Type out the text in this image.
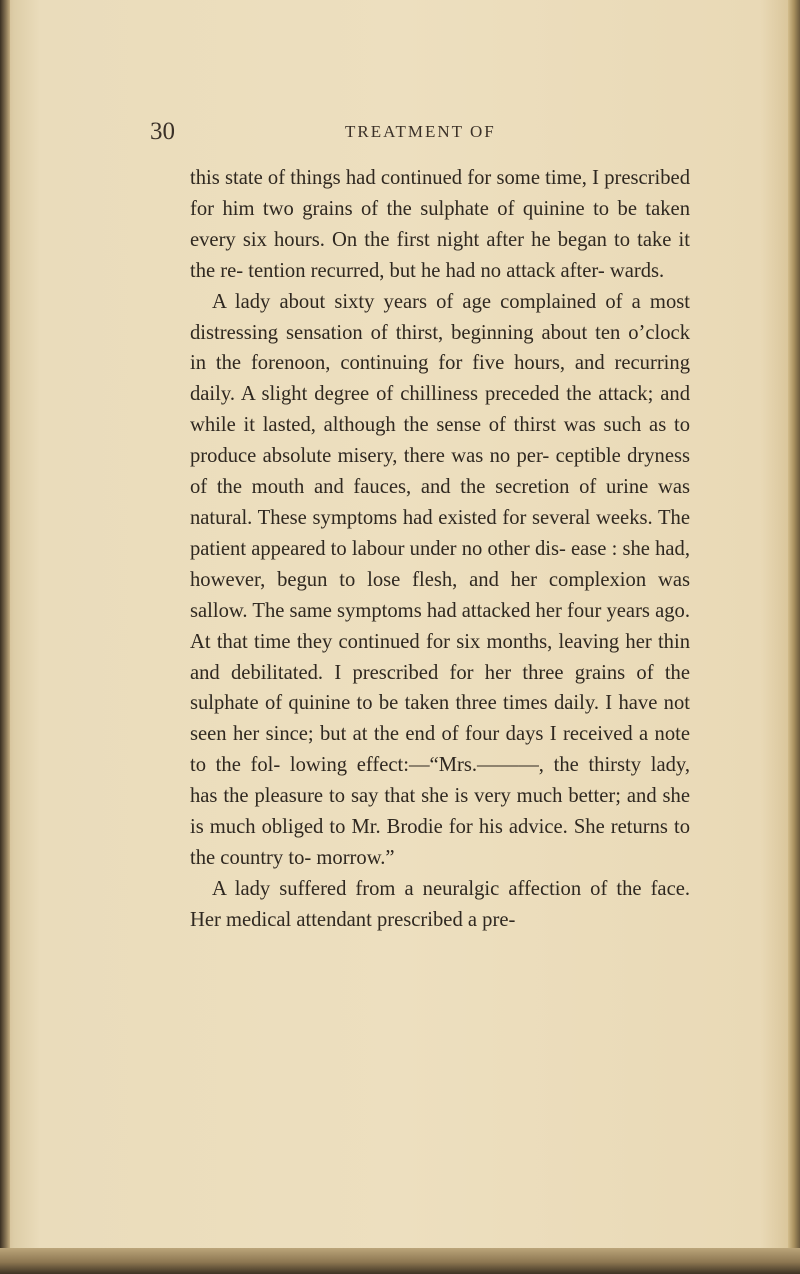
30	TREATMENT OF

this state of things had continued for some time, I prescribed for him two grains of the sulphate of quinine to be taken every six hours. On the first night after he began to take it the re- tention recurred, but he had no attack after- wards.

A lady about sixty years of age complained of a most distressing sensation of thirst, beginning about ten o’clock in the forenoon, continuing for five hours, and recurring daily. A slight degree of chilliness preceded the attack; and while it lasted, although the sense of thirst was such as to produce absolute misery, there was no per- ceptible dryness of the mouth and fauces, and the secretion of urine was natural. These symptoms had existed for several weeks. The patient appeared to labour under no other dis- ease : she had, however, begun to lose flesh, and her complexion was sallow. The same symptoms had attacked her four years ago. At that time they continued for six months, leaving her thin and debilitated. I prescribed for her three grains of the sulphate of quinine to be taken three times daily. I have not seen her since; but at the end of four days I received a note to the fol- lowing effect:—“Mrs.———, the thirsty lady, has the pleasure to say that she is very much better; and she is much obliged to Mr. Brodie for his advice. She returns to the country to- morrow.”

A lady suffered from a neuralgic affection of the face. Her medical attendant prescribed a pre-
